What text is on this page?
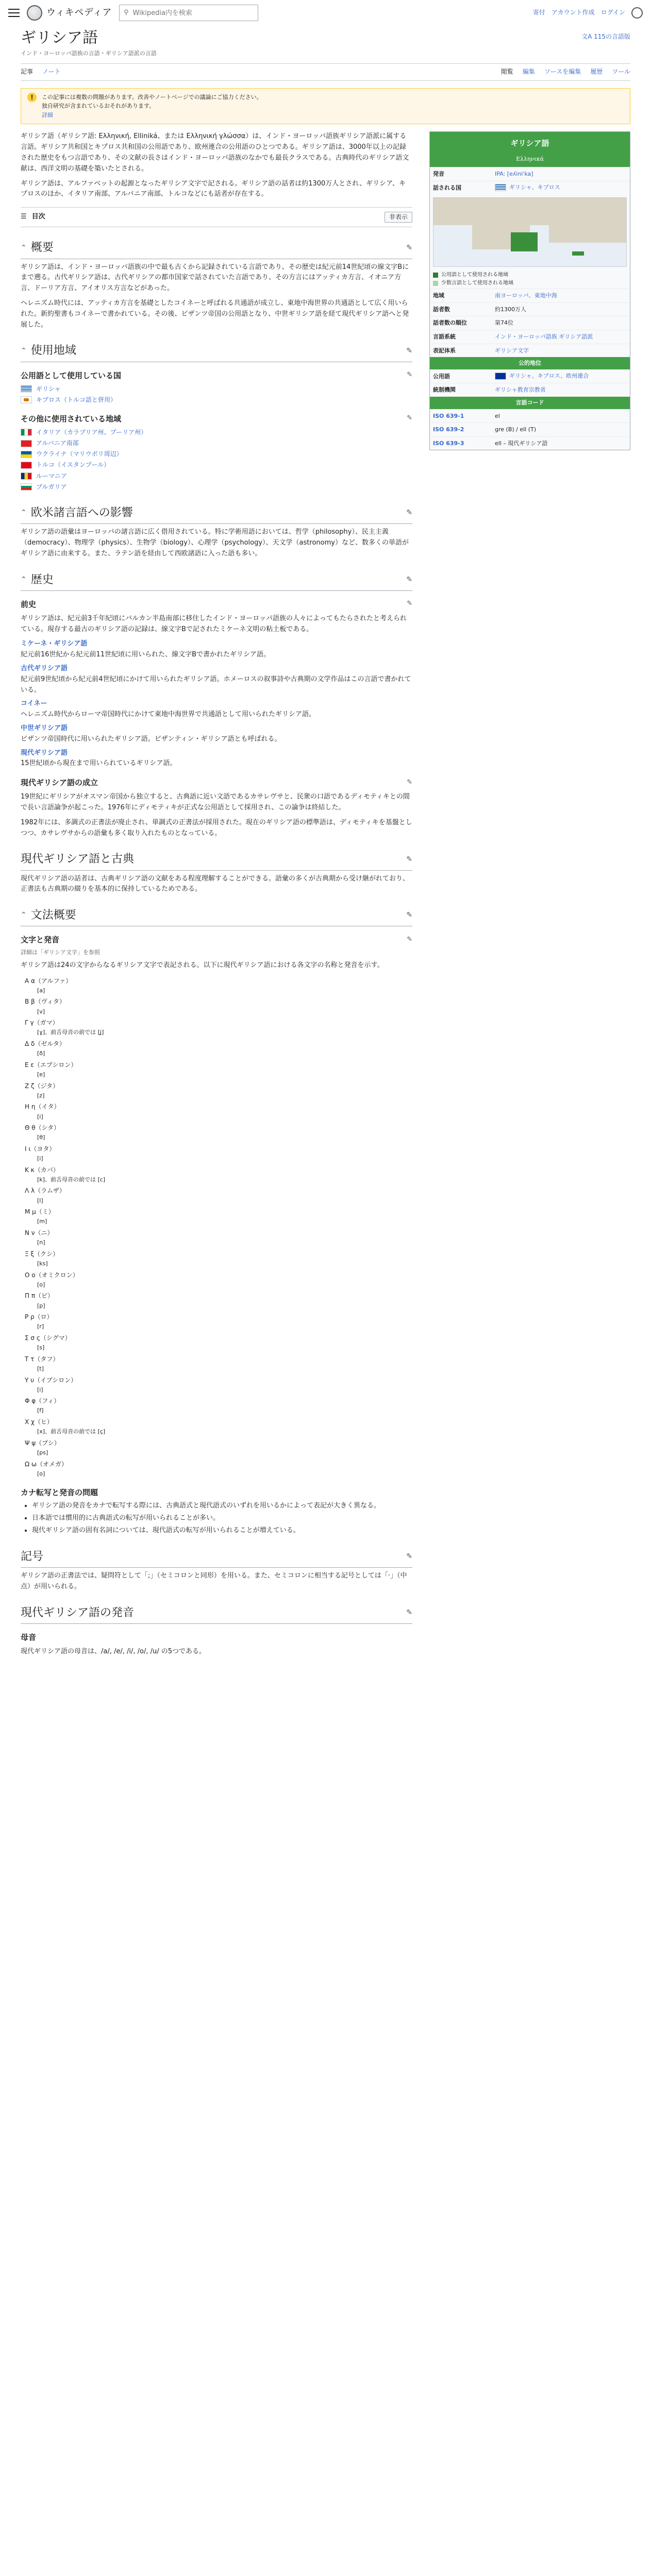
ウィキペディア ⚲
Wikipedia内を検索	寄付 アカウント作成 ログイン
ギリシア語
インド・ヨーロッパ語族の言語・ギリシア語派の言語
文A 115の言語版
記事 ノート	閲覧 編集 ソースを編集 履歴 ツール
!	この記事には複数の問題があります。改善やノートページでの議論にご協力ください。
独自研究が含まれているおそれがあります。
詳細
ギリシア語
Ελληνικά
発音	IPA: [eʎiniˈka]
話される国	ギリシャ、キプロス
公用語として使用される地域
少数言語として使用される地域
地域	南ヨーロッパ、東地中海
話者数	約1300万人
話者数の順位	第74位
言語系統	インド・ヨーロッパ語族 ギリシア語派
表記体系	ギリシア文字
公的地位
公用語	ギリシャ、キプロス、欧州連合
統制機関	ギリシャ教育宗教省
言語コード
ISO 639-1	el
ISO 639-2	gre (B) / ell (T)
ISO 639-3	ell – 現代ギリシア語

ギリシア語（ギリシア語: Ελληνική, Elliniká、または Ελληνική γλώσσα）は、インド・ヨーロッパ語族ギリシア語派に属する言語。ギリシア共和国とキプロス共和国の公用語であり、欧州連合の公用語のひとつである。ギリシア語は、3000年以上の記録された歴史をもつ言語であり、その文献の長さはインド・ヨーロッパ語族のなかでも最長クラスである。古典時代のギリシア語文献は、西洋文明の基礎を築いたとされる。

ギリシア語は、アルファベットの起源となったギリシア文字で記される。ギリシア語の話者は約1300万人とされ、ギリシア、キプロスのほか、イタリア南部、アルバニア南部、トルコなどにも話者が存在する。

☰ 目次	非表示
⌃ 概要	✎

ギリシア語は、インド・ヨーロッパ語族の中で最も古くから記録されている言語であり、その歴史は紀元前14世紀頃の線文字Bにまで遡る。古代ギリシア語は、古代ギリシアの都市国家で話されていた言語であり、その方言にはアッティカ方言、イオニア方言、ドーリア方言、アイオリス方言などがあった。

ヘレニズム時代には、アッティカ方言を基礎としたコイネーと呼ばれる共通語が成立し、東地中海世界の共通語として広く用いられた。新約聖書もコイネーで書かれている。その後、ビザンツ帝国の公用語となり、中世ギリシア語を経て現代ギリシア語へと発展した。

⌃ 使用地域	✎
公用語として使用している国	✎
ギリシャ
キプロス（トルコ語と併用）
その他に使用されている地域	✎
イタリア（カラブリア州、プーリア州）
アルバニア南部
ウクライナ（マリウポリ周辺）
トルコ（イスタンブール）
ルーマニア
ブルガリア
⌃ 欧米諸言語への影響	✎

ギリシア語の語彙はヨーロッパの諸言語に広く借用されている。特に学術用語においては、哲学（philosophy）、民主主義（democracy）、物理学（physics）、生物学（biology）、心理学（psychology）、天文学（astronomy）など、数多くの単語がギリシア語に由来する。また、ラテン語を経由して西欧諸語に入った語も多い。

⌃ 歴史	✎
前史	✎

ギリシア語は、紀元前3千年紀頃にバルカン半島南部に移住したインド・ヨーロッパ語族の人々によってもたらされたと考えられている。現存する最古のギリシア語の記録は、線文字Bで記されたミケーネ文明の粘土板である。

ミケーネ・ギリシア語
紀元前16世紀から紀元前11世紀頃に用いられた、線文字Bで書かれたギリシア語。
古代ギリシア語
紀元前9世紀頃から紀元前4世紀頃にかけて用いられたギリシア語。ホメーロスの叙事詩や古典期の文学作品はこの言語で書かれている。
コイネー
ヘレニズム時代からローマ帝国時代にかけて東地中海世界で共通語として用いられたギリシア語。
中世ギリシア語
ビザンツ帝国時代に用いられたギリシア語。ビザンティン・ギリシア語とも呼ばれる。
現代ギリシア語
15世紀頃から現在まで用いられているギリシア語。
現代ギリシア語の成立	✎

19世紀にギリシアがオスマン帝国から独立すると、古典語に近い文語であるカサレヴサと、民衆の口語であるディモティキとの間で長い言語論争が起こった。1976年にディモティキが正式な公用語として採用され、この論争は終結した。

1982年には、多調式の正書法が廃止され、単調式の正書法が採用された。現在のギリシア語の標準語は、ディモティキを基盤としつつ、カサレヴサからの語彙も多く取り入れたものとなっている。

現代ギリシア語と古典	✎

現代ギリシア語の話者は、古典ギリシア語の文献をある程度理解することができる。語彙の多くが古典期から受け継がれており、正書法も古典期の綴りを基本的に保持しているためである。

⌃ 文法概要	✎
文字と発音	✎
詳細は「ギリシア文字」を参照

ギリシア語は24の文字からなるギリシア文字で表記される。以下に現代ギリシア語における各文字の名称と発音を示す。

Α α（アルファ）
[a]
Β β（ヴィタ）
[v]
Γ γ（ガマ）
[ɣ]、前舌母音の前では [ʝ]
Δ δ（ゼルタ）
[ð]
Ε ε（エプシロン）
[e]
Ζ ζ（ジタ）
[z]
Η η（イタ）
[i]
Θ θ（シタ）
[θ]
Ι ι（ヨタ）
[i]
Κ κ（カパ）
[k]、前舌母音の前では [c]
Λ λ（ラムザ）
[l]
Μ μ（ミ）
[m]
Ν ν（ニ）
[n]
Ξ ξ（クシ）
[ks]
Ο ο（オミクロン）
[o]
Π π（ピ）
[p]
Ρ ρ（ロ）
[r]
Σ σ ς（シグマ）
[s]
Τ τ（タフ）
[t]
Υ υ（イプシロン）
[i]
Φ φ（フィ）
[f]
Χ χ（ヒ）
[x]、前舌母音の前では [ç]
Ψ ψ（プシ）
[ps]
Ω ω（オメガ）
[o]
カナ転写と発音の問題
• ギリシア語の発音をカナで転写する際には、古典語式と現代語式のいずれを用いるかによって表記が大きく異なる。
• 日本語では慣用的に古典語式の転写が用いられることが多い。
• 現代ギリシア語の固有名詞については、現代語式の転写が用いられることが増えている。
記号	✎

ギリシア語の正書法では、疑問符として「;」（セミコロンと同形）を用いる。また、セミコロンに相当する記号としては「·」（中点）が用いられる。

現代ギリシア語の発音	✎
母音

現代ギリシア語の母音は、/a/, /e/, /i/, /o/, /u/ の5つである。
